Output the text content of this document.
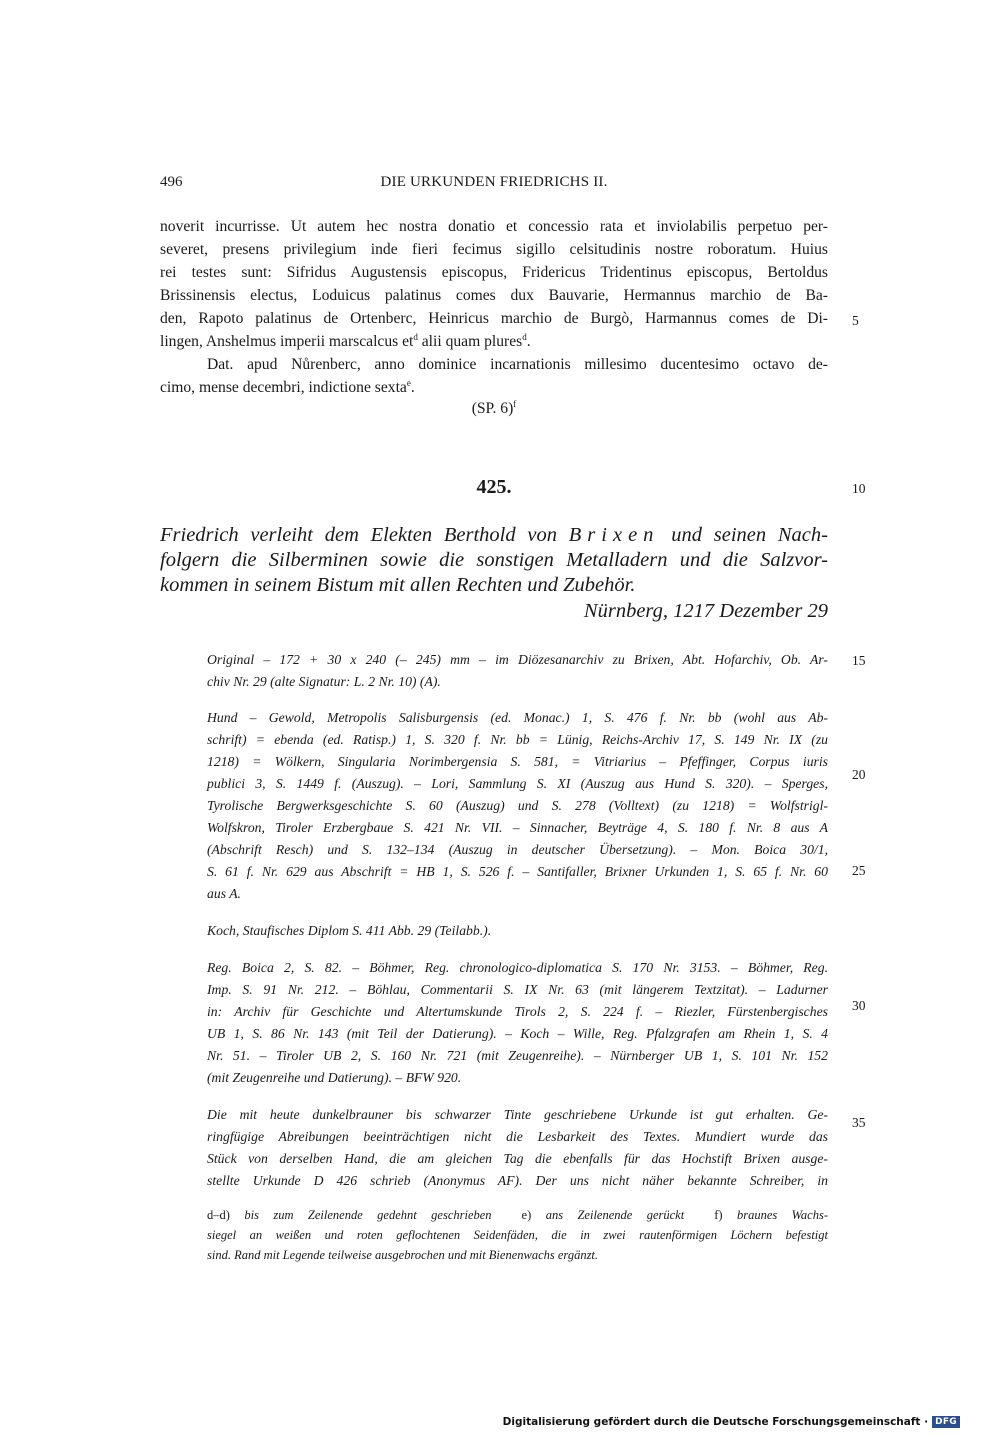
496	DIE URKUNDEN FRIEDRICHS II.
noverit incurrisse. Ut autem hec nostra donatio et concessio rata et inviolabilis perpetuo per-
severet, presens privilegium inde fieri fecimus sigillo celsitudinis nostre roboratum. Huius
rei testes sunt: Sifridus Augustensis episcopus, Fridericus Tridentinus episcopus, Bertoldus
Brissinensis electus, Loduicus palatinus comes dux Bauvarie, Hermannus marchio de Ba-
den, Rapoto palatinus de Ortenberc, Heinricus marchio de Burgò, Harmannus comes de Di-
lingen, Anshelmus imperii marscalcus $et^d$ alii quam plures$^d$.
Dat. apud Nůrenberc, anno dominice incarnationis millesimo ducentesimo octavo de-
cimo, mense decembri, indictione sexta$^e$.
(SP. 6)$^f$
425.
Friedrich verleiht dem Elekten Berthold von Brixen und seinen Nach-
folgern die Silberminen sowie die sonstigen Metalladern und die Salzvor-
kommen in seinem Bistum mit allen Rechten und Zubehör.
Nürnberg, 1217 Dezember 29
Original – 172 + 30 x 240 (– 245) mm – im Diözesanarchiv zu Brixen, Abt. Hofarchiv, Ob. Ar-
chiv Nr. 29 (alte Signatur: L. 2 Nr. 10) (A).
Hund – Gewold, Metropolis Salisburgensis (ed. Monac.) 1, S. 476 f. Nr. bb (wohl aus Ab-
schrift) = ebenda (ed. Ratisp.) 1, S. 320 f. Nr. bb = Lünig, Reichs-Archiv 17, S. 149 Nr. IX (zu
1218) = Wölkern, Singularia Norimbergensia S. 581, = Vitriarius – Pfeffinger, Corpus iuris
publici 3, S. 1449 f. (Auszug). – Lori, Sammlung S. XI (Auszug aus Hund S. 320). – Sperges,
Tyrolische Bergwerksgeschichte S. 60 (Auszug) und S. 278 (Volltext) (zu 1218) = Wolfstrigl-
Wolfskron, Tiroler Erzbergbaue S. 421 Nr. VII. – Sinnacher, Beyträge 4, S. 180 f. Nr. 8 aus A
(Abschrift Resch) und S. 132–134 (Auszug in deutscher Übersetzung). – Mon. Boica 30/1,
S. 61 f. Nr. 629 aus Abschrift = HB 1, S. 526 f. – Santifaller, Brixner Urkunden 1, S. 65 f. Nr. 60
aus A.
Koch, Staufisches Diplom S. 411 Abb. 29 (Teilabb.).
Reg. Boica 2, S. 82. – Böhmer, Reg. chronologico-diplomatica S. 170 Nr. 3153. – Böhmer, Reg.
Imp. S. 91 Nr. 212. – Böhlau, Commentarii S. IX Nr. 63 (mit längerem Textzitat). – Ladurner
in: Archiv für Geschichte und Altertumskunde Tirols 2, S. 224 f. – Riezler, Fürstenbergisches
UB 1, S. 86 Nr. 143 (mit Teil der Datierung). – Koch – Wille, Reg. Pfalzgrafen am Rhein 1, S. 4
Nr. 51. – Tiroler UB 2, S. 160 Nr. 721 (mit Zeugenreihe). – Nürnberger UB 1, S. 101 Nr. 152
(mit Zeugenreihe und Datierung). – BFW 920.
Die mit heute dunkelbrauner bis schwarzer Tinte geschriebene Urkunde ist gut erhalten. Ge-
ringfügige Abreibungen beeinträchtigen nicht die Lesbarkeit des Textes. Mundiert wurde das
Stück von derselben Hand, die am gleichen Tag die ebenfalls für das Hochstift Brixen ausge-
stellte Urkunde D 426 schrieb (Anonymus AF). Der uns nicht näher bekannte Schreiber, in
d–d) bis zum Zeilenende gedehnt geschrieben e) ans Zeilenende gerückt f) braunes Wachs-
siegel an weißen und roten geflochtenen Seidenfäden, die in zwei rautenförmigen Löchern befestigt
sind. Rand mit Legende teilweise ausgebrochen und mit Bienenwachs ergänzt.
5
10
15
20
25
30
35
Digitalisierung gefördert durch die Deutsche Forschungsgemeinschaft · DFG
